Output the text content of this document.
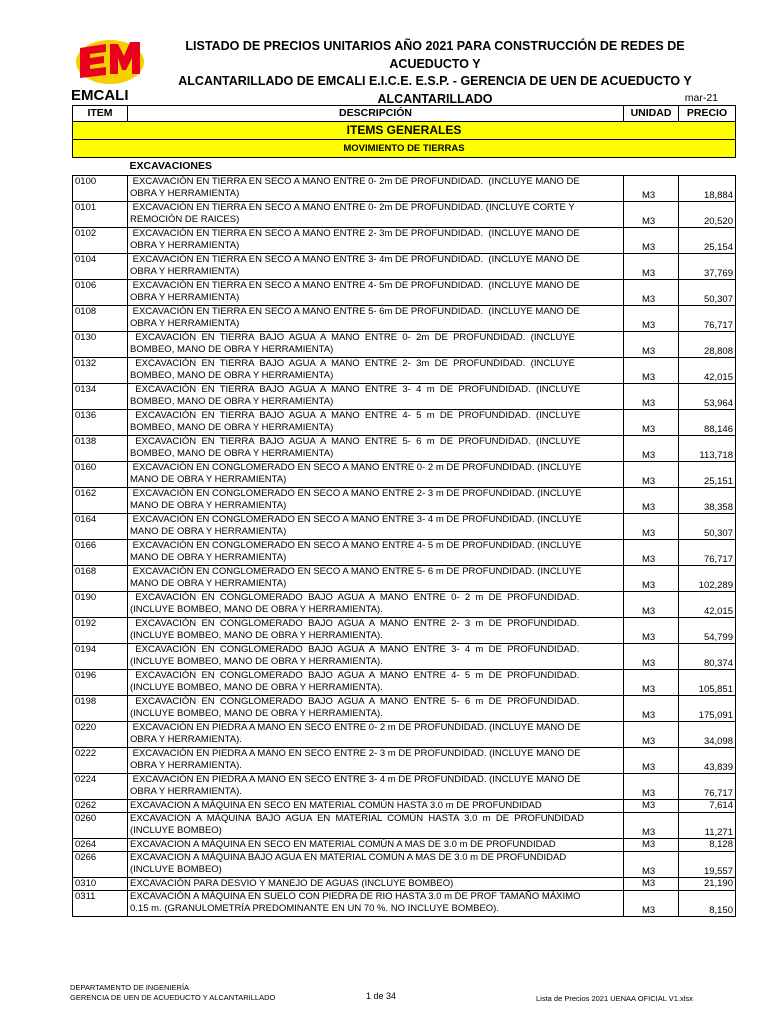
EMCALI
LISTADO DE PRECIOS UNITARIOS AÑO 2021 PARA CONSTRUCCIÓN DE REDES DE ACUEDUCTO Y
ALCANTARILLADO DE EMCALI E.I.C.E. E.S.P. - GERENCIA DE UEN DE ACUEDUCTO Y
ALCANTARILLADO	mar-21
ITEM	DESCRIPCIÓN	UNIDAD	PRECIO
ITEMS GENERALES			
MOVIMIENTO DE TIERRAS			
	EXCAVACIONES		
0100	EXCAVACIÓN EN TIERRA EN SECO A MANO ENTRE 0- 2m DE PROFUNDIDAD.  (INCLUYE MANO DE
OBRA Y HERRAMIENTA)	M3	18,884
0101	EXCAVACIÓN EN TIERRA EN SECO A MANO ENTRE 0- 2m DE PROFUNDIDAD. (INCLUYE CORTE Y
REMOCIÓN DE RAICES)	M3	20,520
0102	EXCAVACIÓN EN TIERRA EN SECO A MANO ENTRE 2- 3m DE PROFUNDIDAD.  (INCLUYE MANO DE
OBRA Y HERRAMIENTA)	M3	25,154
0104	EXCAVACIÓN EN TIERRA EN SECO A MANO ENTRE 3- 4m DE PROFUNDIDAD.  (INCLUYE MANO DE
OBRA Y HERRAMIENTA)	M3	37,769
0106	EXCAVACIÓN EN TIERRA EN SECO A MANO ENTRE 4- 5m DE PROFUNDIDAD.  (INCLUYE MANO DE
OBRA Y HERRAMIENTA)	M3	50,307
0108	EXCAVACIÓN EN TIERRA EN SECO A MANO ENTRE 5- 6m DE PROFUNDIDAD.  (INCLUYE MANO DE
OBRA Y HERRAMIENTA)	M3	76,717
0130	EXCAVACIÓN  EN  TIERRA  BAJO  AGUA  A  MANO  ENTRE  0-  2m  DE  PROFUNDIDAD.  (INCLUYE
BOMBEO, MANO DE OBRA Y HERRAMIENTA)	M3	28,808
0132	EXCAVACIÓN  EN  TIERRA  BAJO  AGUA  A  MANO  ENTRE  2-  3m  DE  PROFUNDIDAD.  (INCLUYE
BOMBEO, MANO DE OBRA Y HERRAMIENTA)	M3	42,015
0134	EXCAVACIÓN  EN  TIERRA  BAJO  AGUA  A  MANO  ENTRE  3-  4  m  DE  PROFUNDIDAD.  (INCLUYE
BOMBEO, MANO DE OBRA Y HERRAMIENTA)	M3	53,964
0136	EXCAVACIÓN  EN  TIERRA  BAJO  AGUA  A  MANO  ENTRE  4-  5  m  DE  PROFUNDIDAD.  (INCLUYE
BOMBEO, MANO DE OBRA Y HERRAMIENTA)	M3	88,146
0138	EXCAVACIÓN  EN  TIERRA  BAJO  AGUA  A  MANO  ENTRE  5-  6  m  DE  PROFUNDIDAD.  (INCLUYE
BOMBEO, MANO DE OBRA Y HERRAMIENTA)	M3	113,718
0160	EXCAVACIÓN EN CONGLOMERADO EN SECO A MANO ENTRE 0- 2 m DE PROFUNDIDAD. (INCLUYE
MANO DE OBRA Y HERRAMIENTA)	M3	25,151
0162	EXCAVACIÓN EN CONGLOMERADO EN SECO A MANO ENTRE 2- 3 m DE PROFUNDIDAD. (INCLUYE
MANO DE OBRA Y HERRAMIENTA)	M3	38,358
0164	EXCAVACIÓN EN CONGLOMERADO EN SECO A MANO ENTRE 3- 4 m DE PROFUNDIDAD. (INCLUYE
MANO DE OBRA Y HERRAMIENTA)	M3	50,307
0166	EXCAVACIÓN EN CONGLOMERADO EN SECO A MANO ENTRE 4- 5 m DE PROFUNDIDAD. (INCLUYE
MANO DE OBRA Y HERRAMIENTA)	M3	76,717
0168	EXCAVACIÓN EN CONGLOMERADO EN SECO A MANO ENTRE 5- 6 m DE PROFUNDIDAD. (INCLUYE
MANO DE OBRA Y HERRAMIENTA)	M3	102,289
0190	EXCAVACIÓN  EN  CONGLOMERADO  BAJO  AGUA  A  MANO  ENTRE  0-  2  m  DE  PROFUNDIDAD.
(INCLUYE BOMBEO, MANO DE OBRA Y HERRAMIENTA).	M3	42,015
0192	EXCAVACIÓN  EN  CONGLOMERADO  BAJO  AGUA  A  MANO  ENTRE  2-  3  m  DE  PROFUNDIDAD.
(INCLUYE BOMBEO, MANO DE OBRA Y HERRAMIENTA).	M3	54,799
0194	EXCAVACIÓN  EN  CONGLOMERADO  BAJO  AGUA  A  MANO  ENTRE  3-  4  m  DE  PROFUNDIDAD.
(INCLUYE BOMBEO, MANO DE OBRA Y HERRAMIENTA).	M3	80,374
0196	EXCAVACIÓN  EN  CONGLOMERADO  BAJO  AGUA  A  MANO  ENTRE  4-  5  m  DE  PROFUNDIDAD.
(INCLUYE BOMBEO, MANO DE OBRA Y HERRAMIENTA).	M3	105,851
0198	EXCAVACIÓN  EN  CONGLOMERADO  BAJO  AGUA  A  MANO  ENTRE  5-  6  m  DE  PROFUNDIDAD.
(INCLUYE BOMBEO, MANO DE OBRA Y HERRAMIENTA).	M3	175,091
0220	EXCAVACIÓN EN PIEDRA A MANO EN SECO ENTRE 0- 2 m DE PROFUNDIDAD. (INCLUYE MANO DE
OBRA Y HERRAMIENTA).	M3	34,098
0222	EXCAVACIÓN EN PIEDRA A MANO EN SECO ENTRE 2- 3 m DE PROFUNDIDAD. (INCLUYE MANO DE
OBRA Y HERRAMIENTA).	M3	43,839
0224	EXCAVACIÓN EN PIEDRA A MANO EN SECO ENTRE 3- 4 m DE PROFUNDIDAD. (INCLUYE MANO DE
OBRA Y HERRAMIENTA).	M3	76,717
0262	EXCAVACION A MÁQUINA EN SECO EN MATERIAL COMÚN HASTA 3.0 m DE PROFUNDIDAD	M3	7,614
0260	EXCAVACION  A  MÁQUINA  BAJO  AGUA  EN  MATERIAL  COMÚN  HASTA  3.0  m  DE  PROFUNDIDAD
(INCLUYE BOMBEO)	M3	11,271
0264	EXCAVACION A MÁQUINA EN SECO EN MATERIAL COMÚN A MAS DE 3.0 m DE PROFUNDIDAD	M3	8,128
0266	EXCAVACION A MÁQUINA BAJO AGUA EN MATERIAL COMÚN A MAS DE 3.0 m DE PROFUNDIDAD
(INCLUYE BOMBEO)	M3	19,557
0310	EXCAVACIÓN PARA DESVIO Y MANEJO DE AGUAS (INCLUYE BOMBEO)	M3	21,190
0311	EXCAVACIÓN A MÁQUINA EN SUELO CON PIEDRA DE RIO HASTA 3.0 m DE PROF TAMAÑO MÁXIMO
0.15 m. (GRANULOMETRÍA PREDOMINANTE EN UN 70 %. NO INCLUYE BOMBEO).	M3	8,150
DEPARTAMENTO DE INGENIERÍA
GERENCIA DE UEN DE ACUEDUCTO Y ALCANTARILLADO	1 de 34	Lista de Precios 2021 UENAA OFICIAL V1.xlsx
